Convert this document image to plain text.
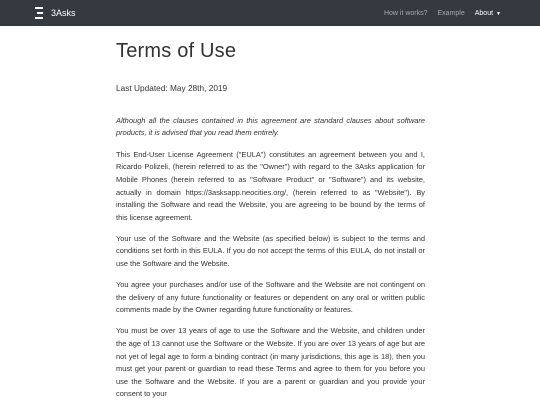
3Asks	How it works? Example About ▼
Terms of Use

Last Updated: May 28th, 2019

Although all the clauses contained in this agreement are standard clauses about software products, it is advised that you read them entirely.

This End-User License Agreement ("EULA") constitutes an agreement between you and I, Ricardo Polizeli, (herein referred to as the "Owner") with regard to the 3Asks application for Mobile Phones (herein referred to as "Software Product" or "Software") and its website, actually in domain https://3asksapp.neocities.org/, (herein referred to as "Website"). By installing the Software and read the Website, you are agreeing to be bound by the terms of this license agreement.

Your use of the Software and the Website (as specified below) is subject to the terms and conditions set forth in this EULA. If you do not accept the terms of this EULA, do not install or use the Software and the Website.

You agree your purchases and/or use of the Software and the Website are not contingent on the delivery of any future functionality or features or dependent on any oral or written public comments made by the Owner regarding future functionality or features.

You must be over 13 years of age to use the Software and the Website, and children under the age of 13 cannot use the Software or the Website. If you are over 13 years of age but are not yet of legal age to form a binding contract (in many jurisdictions, this age is 18), then you must get your parent or guardian to read these Terms and agree to them for you before you use the Software and the Website. If you are a parent or guardian and you provide your consent to your
